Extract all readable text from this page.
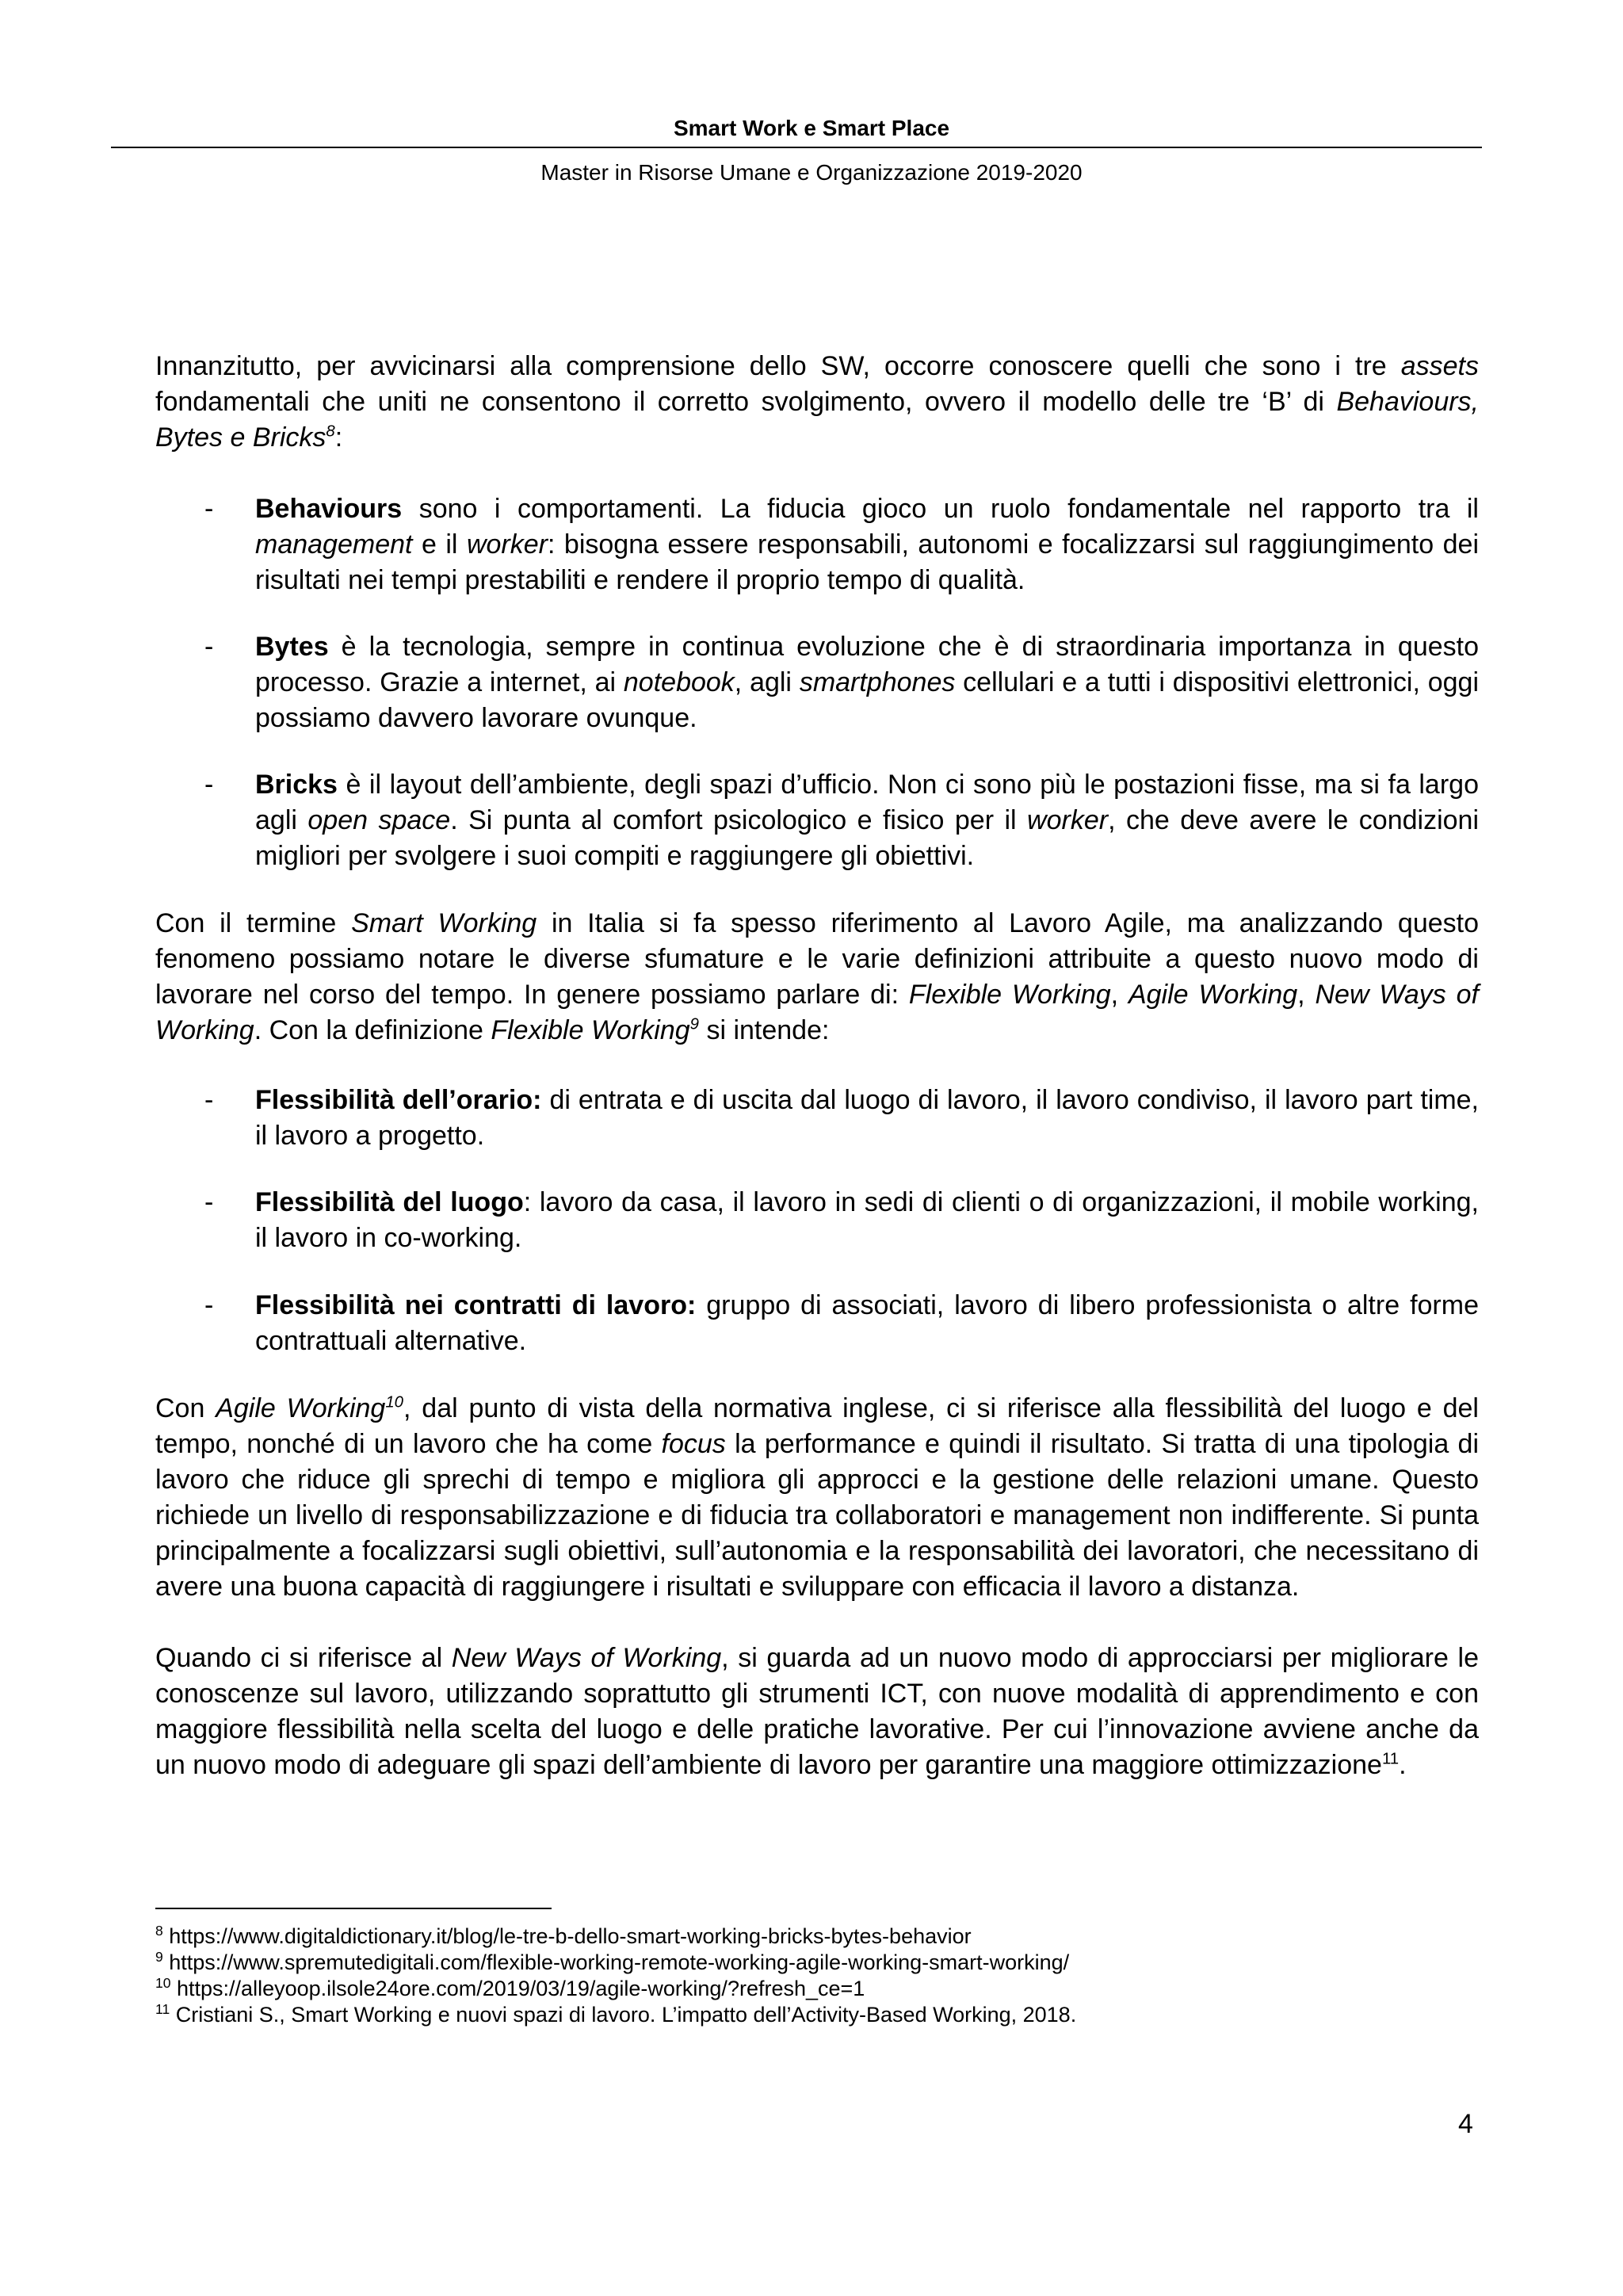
Smart Work e Smart Place
Master in Risorse Umane e Organizzazione 2019-2020

Innanzitutto, per avvicinarsi alla comprensione dello SW, occorre conoscere quelli che sono i tre assets fondamentali che uniti ne consentono il corretto svolgimento, ovvero il modello delle tre ‘B’ di Behaviours, Bytes e Bricks$^8$:

- Behaviours sono i comportamenti. La fiducia gioco un ruolo fondamentale nel rapporto tra il management e il worker: bisogna essere responsabili, autonomi e focalizzarsi sul raggiungimento dei risultati nei tempi prestabiliti e rendere il proprio tempo di qualità.

- Bytes è la tecnologia, sempre in continua evoluzione che è di straordinaria importanza in questo processo. Grazie a internet, ai notebook, agli smartphones cellulari e a tutti i dispositivi elettronici, oggi possiamo davvero lavorare ovunque.

- Bricks è il layout dell’ambiente, degli spazi d’ufficio. Non ci sono più le postazioni fisse, ma si fa largo agli open space. Si punta al comfort psicologico e fisico per il worker, che deve avere le condizioni migliori per svolgere i suoi compiti e raggiungere gli obiettivi.

Con il termine Smart Working in Italia si fa spesso riferimento al Lavoro Agile, ma analizzando questo fenomeno possiamo notare le diverse sfumature e le varie definizioni attribuite a questo nuovo modo di lavorare nel corso del tempo. In genere possiamo parlare di: Flexible Working, Agile Working, New Ways of Working. Con la definizione Flexible Working$^9$ si intende:

- Flessibilità dell’orario: di entrata e di uscita dal luogo di lavoro, il lavoro condiviso, il lavoro part time, il lavoro a progetto.

- Flessibilità del luogo: lavoro da casa, il lavoro in sedi di clienti o di organizzazioni, il mobile working, il lavoro in co-working.

- Flessibilità nei contratti di lavoro: gruppo di associati, lavoro di libero professionista o altre forme contrattuali alternative.

Con Agile Working$^{10}$, dal punto di vista della normativa inglese, ci si riferisce alla flessibilità del luogo e del tempo, nonché di un lavoro che ha come focus la performance e quindi il risultato. Si tratta di una tipologia di lavoro che riduce gli sprechi di tempo e migliora gli approcci e la gestione delle relazioni umane. Questo richiede un livello di responsabilizzazione e di fiducia tra collaboratori e management non indifferente. Si punta principalmente a focalizzarsi sugli obiettivi, sull’autonomia e la responsabilità dei lavoratori, che necessitano di avere una buona capacità di raggiungere i risultati e sviluppare con efficacia il lavoro a distanza.

Quando ci si riferisce al New Ways of Working, si guarda ad un nuovo modo di approcciarsi per migliorare le conoscenze sul lavoro, utilizzando soprattutto gli strumenti ICT, con nuove modalità di apprendimento e con maggiore flessibilità nella scelta del luogo e delle pratiche lavorative. Per cui l’innovazione avviene anche da un nuovo modo di adeguare gli spazi dell’ambiente di lavoro per garantire una maggiore ottimizzazione$^{11}$.

$^8$ https://www.digitaldictionary.it/blog/le-tre-b-dello-smart-working-bricks-bytes-behavior

$^9$ https://www.spremutedigitali.com/flexible-working-remote-working-agile-working-smart-working/

$^{10}$ https://alleyoop.ilsole24ore.com/2019/03/19/agile-working/?refresh_ce=1

$^{11}$ Cristiani S., Smart Working e nuovi spazi di lavoro. L’impatto dell’Activity-Based Working, 2018.

4
